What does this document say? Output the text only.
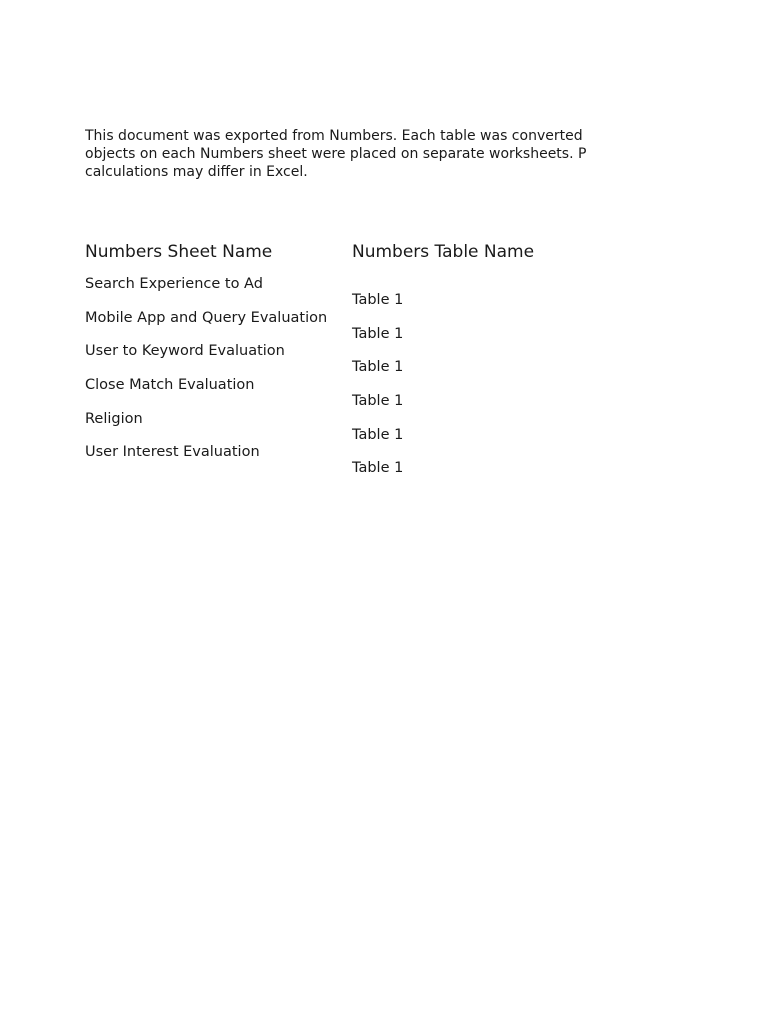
This document was exported from Numbers. Each table was converted
objects on each Numbers sheet were placed on separate worksheets. P
calculations may differ in Excel.
Numbers Sheet Name	Numbers Table Name
Search Experience to Ad
Mobile App and Query Evaluation
User to Keyword Evaluation
Close Match Evaluation
Religion
User Interest Evaluation
Table 1
Table 1
Table 1
Table 1
Table 1
Table 1
